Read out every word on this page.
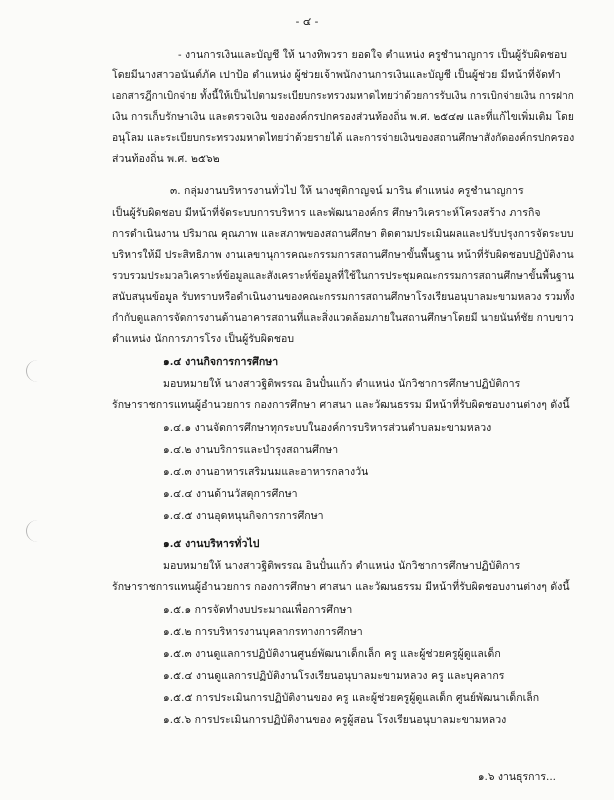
- ๔ -
- งานการเงินและบัญชี ให้ นางทิพวรา ยอดใจ ตำแหน่ง ครูชำนาญการ เป็นผู้รับผิดชอบ
โดยมีนางสาวอนันต์ภัค เปาป้อ ตำแหน่ง ผู้ช่วยเจ้าพนักงานการเงินและบัญชี เป็นผู้ช่วย มีหน้าที่จัดทำ
เอกสารฎีกาเบิกจ่าย ทั้งนี้ให้เป็นไปตามระเบียบกระทรวงมหาดไทยว่าด้วยการรับเงิน การเบิกจ่ายเงิน การฝาก
เงิน การเก็บรักษาเงิน และตรวจเงิน ขององค์กรปกครองส่วนท้องถิ่น พ.ศ. ๒๕๔๗ และที่แก้ไขเพิ่มเติม โดย
อนุโลม และระเบียบกระทรวงมหาดไทยว่าด้วยรายได้ และการจ่ายเงินของสถานศึกษาสังกัดองค์กรปกครอง
ส่วนท้องถิ่น พ.ศ. ๒๕๖๒
๓. กลุ่มงานบริหารงานทั่วไป ให้ นางชุติกาญจน์ มาริน ตำแหน่ง ครูชำนาญการ
เป็นผู้รับผิดชอบ มีหน้าที่จัดระบบการบริหาร และพัฒนาองค์กร ศึกษาวิเคราะห์โครงสร้าง ภารกิจ
การดำเนินงาน ปริมาณ คุณภาพ และสภาพของสถานศึกษา ติดตามประเมินผลและปรับปรุงการจัดระบบ
บริหารให้มี ประสิทธิภาพ งานเลขานุการคณะกรรมการสถานศึกษาขั้นพื้นฐาน หน้าที่รับผิดชอบปฏิบัติงาน
รวบรวมประมวลวิเคราะห์ข้อมูลและสังเคราะห์ข้อมูลที่ใช้ในการประชุมคณะกรรมการสถานศึกษาขั้นพื้นฐาน
สนับสนุนข้อมูล รับทราบหรือดำเนินงานของคณะกรรมการสถานศึกษาโรงเรียนอนุบาลมะขามหลวง รวมทั้ง
กำกับดูแลการจัดการงานด้านอาคารสถานที่และสิ่งแวดล้อมภายในสถานศึกษาโดยมี นายนันท์ชัย กาบขาว
ตำแหน่ง นักการภารโรง เป็นผู้รับผิดชอบ
๑.๔ งานกิจการการศึกษา
มอบหมายให้ นางสาวฐิติพรรณ อินปั๋นแก้ว ตำแหน่ง นักวิชาการศึกษาปฏิบัติการ
รักษาราชการแทนผู้อำนวยการ กองการศึกษา ศาสนา และวัฒนธรรม มีหน้าที่รับผิดชอบงานต่างๆ ดังนี้
๑.๔.๑ งานจัดการศึกษาทุกระบบในองค์การบริหารส่วนตำบลมะขามหลวง
๑.๔.๒ งานบริการและบำรุงสถานศึกษา
๑.๔.๓ งานอาหารเสริมนมและอาหารกลางวัน
๑.๔.๔ งานด้านวัสดุการศึกษา
๑.๔.๕ งานอุดหนุนกิจการการศึกษา
๑.๕ งานบริหารทั่วไป
มอบหมายให้ นางสาวฐิติพรรณ อินปั๋นแก้ว ตำแหน่ง นักวิชาการศึกษาปฏิบัติการ
รักษาราชการแทนผู้อำนวยการ กองการศึกษา ศาสนา และวัฒนธรรม มีหน้าที่รับผิดชอบงานต่างๆ ดังนี้
๑.๕.๑ การจัดทำงบประมาณเพื่อการศึกษา
๑.๕.๒ การบริหารงานบุคลากรทางการศึกษา
๑.๕.๓ งานดูแลการปฏิบัติงานศูนย์พัฒนาเด็กเล็ก ครู และผู้ช่วยครูผู้ดูแลเด็ก
๑.๕.๔ งานดูแลการปฏิบัติงานโรงเรียนอนุบาลมะขามหลวง ครู และบุคลากร
๑.๕.๕ การประเมินการปฏิบัติงานของ ครู และผู้ช่วยครูผู้ดูแลเด็ก ศูนย์พัฒนาเด็กเล็ก
๑.๕.๖ การประเมินการปฏิบัติงานของ ครูผู้สอน โรงเรียนอนุบาลมะขามหลวง
๑.๖ งานธุรการ...
